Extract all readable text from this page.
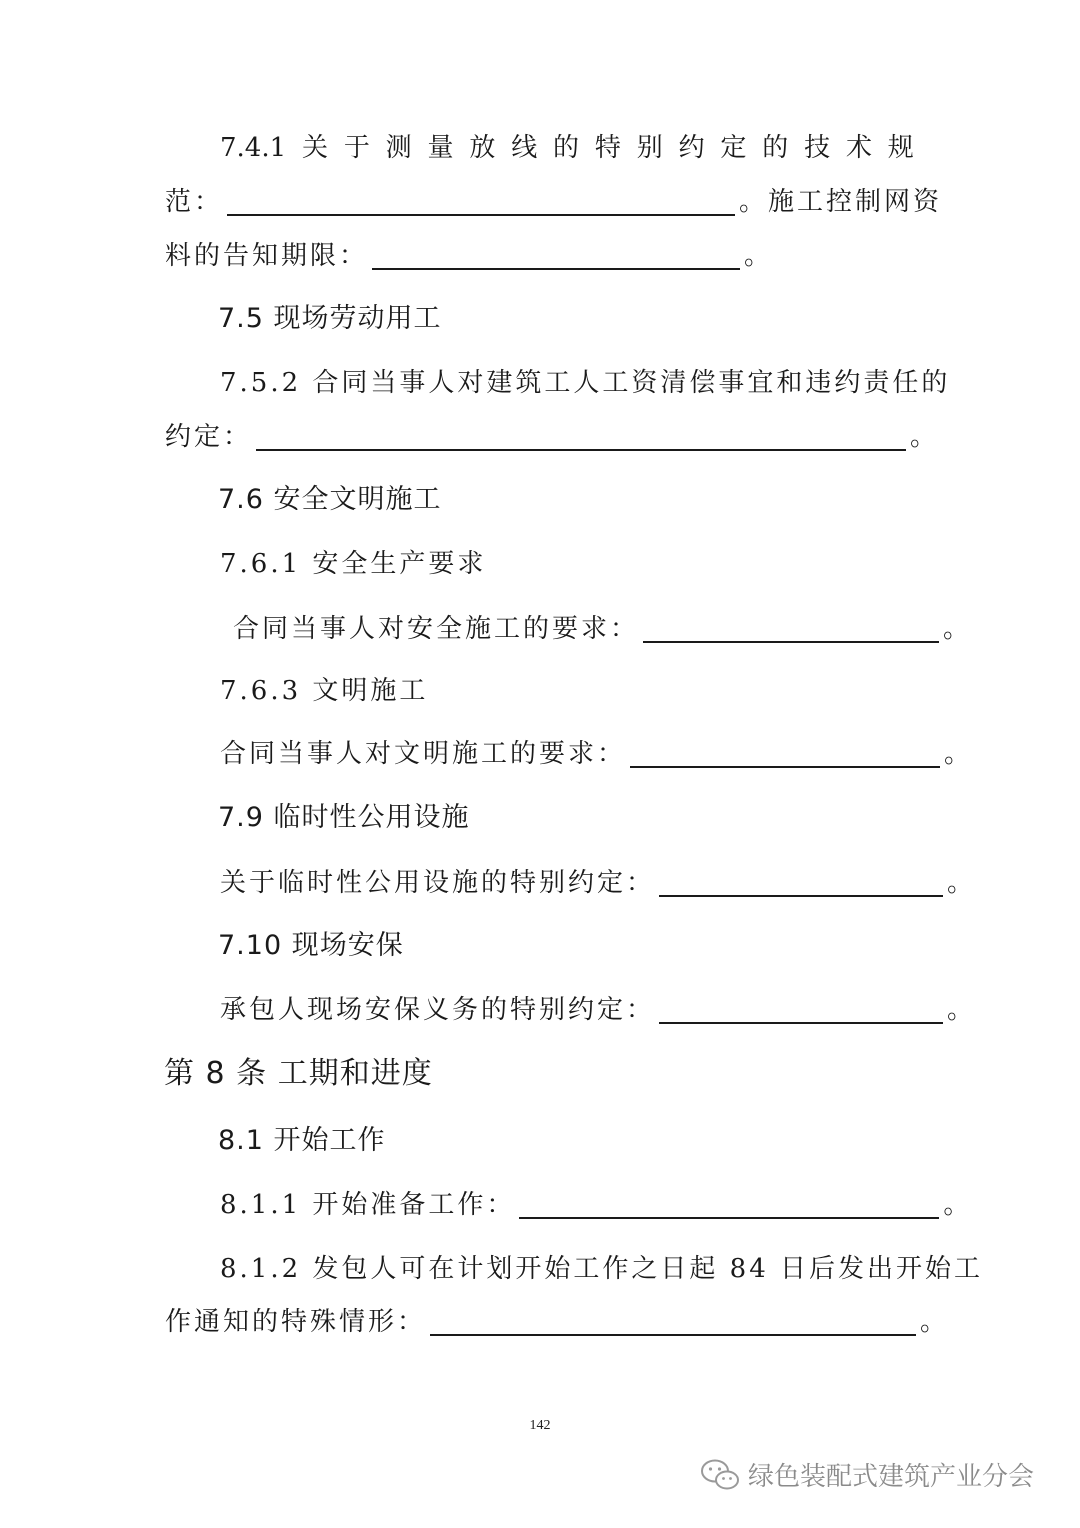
7.4.1 关 于 测 量 放 线 的 特 别 约 定 的 技 术 规
范：	。施工控制网资
料的告知期限：	。
7.5 现场劳动用工
7.5.2 合同当事人对建筑工人工资清偿事宜和违约责任的
约定：	。
7.6 安全文明施工
7.6.1 安全生产要求
合同当事人对安全施工的要求：	。
7.6.3 文明施工
合同当事人对文明施工的要求：	。
7.9 临时性公用设施
关于临时性公用设施的特别约定：	。
7.10 现场安保
承包人现场安保义务的特别约定：	。
第 8 条 工期和进度
8.1 开始工作
8.1.1 开始准备工作：	。
8.1.2 发包人可在计划开始工作之日起 84 日后发出开始工
作通知的特殊情形：	。
142
绿色装配式建筑产业分会
